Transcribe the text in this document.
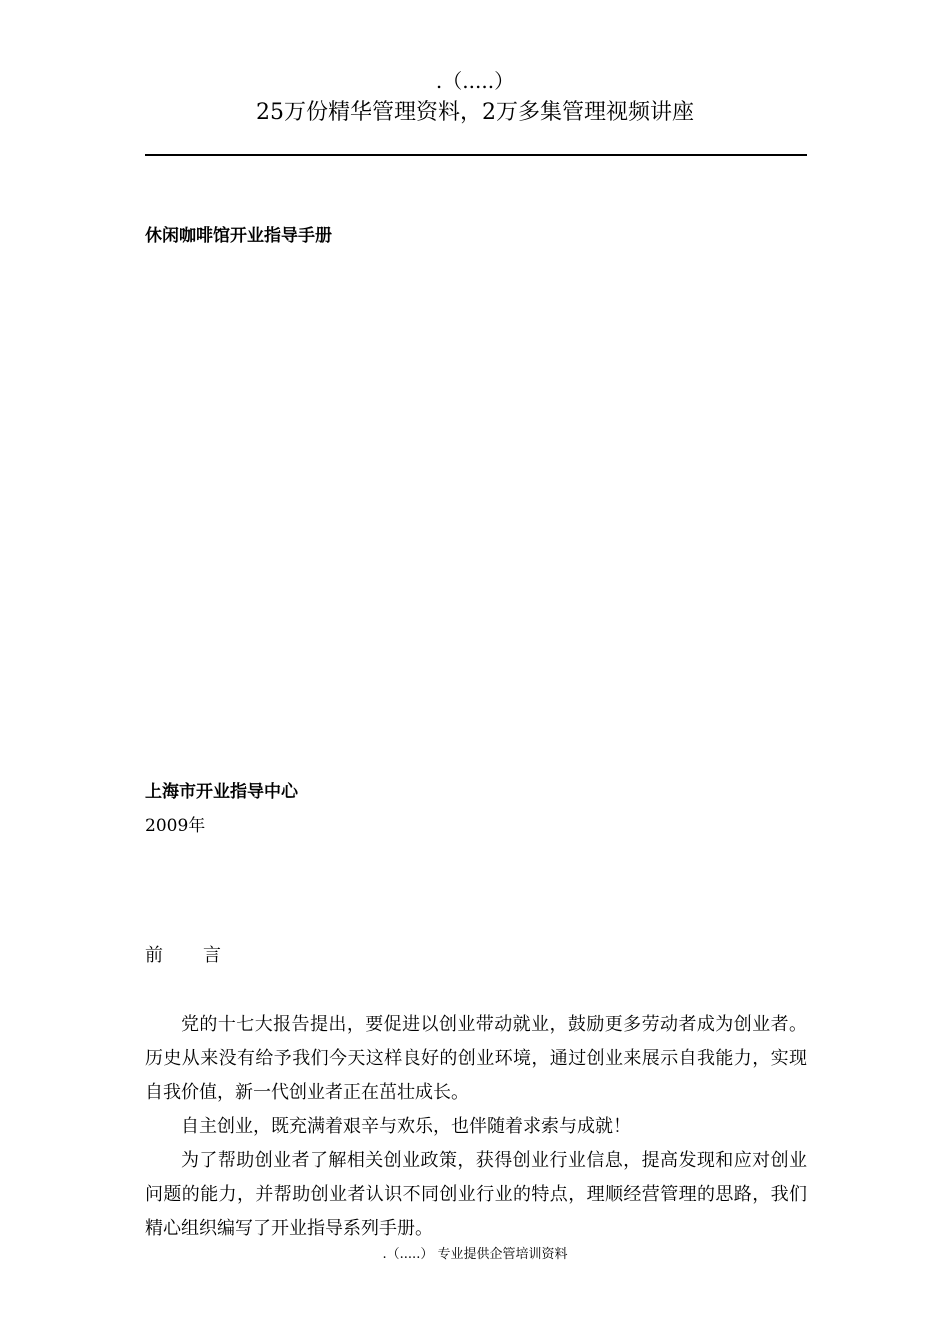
.（.....）
25万份精华管理资料，2万多集管理视频讲座
休闲咖啡馆开业指导手册
上海市开业指导中心
2009年
前 言

党的十七大报告提出，要促进以创业带动就业，鼓励更多劳动者成为创业者。历史从来没有给予我们今天这样良好的创业环境，通过创业来展示自我能力，实现自我价值，新一代创业者正在茁壮成长。

自主创业，既充满着艰辛与欢乐，也伴随着求索与成就！

为了帮助创业者了解相关创业政策，获得创业行业信息，提高发现和应对创业问题的能力，并帮助创业者认识不同创业行业的特点，理顺经营管理的思路，我们精心组织编写了开业指导系列手册。

.（.....） 专业提供企管培训资料
